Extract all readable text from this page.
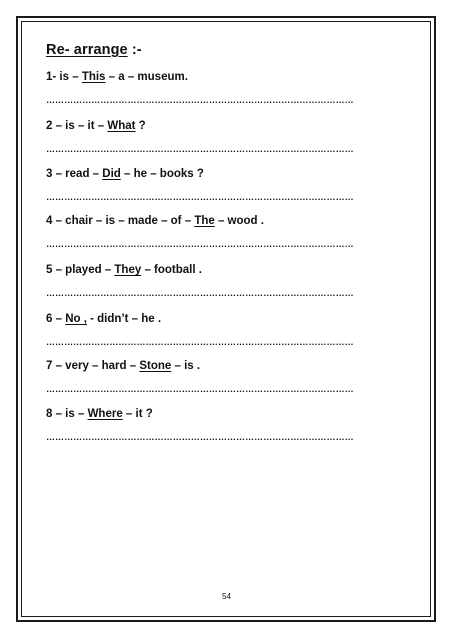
Re- arrange :-
1- is – This – a – museum.
…………………………………………………………………………………………
2 – is – it – What ?
…………………………………………………………………………………………
3 – read – Did – he – books ?
…………………………………………………………………………………………
4 – chair – is – made – of – The – wood .
…………………………………………………………………………………………
5 – played – They – football .
…………………………………………………………………………………………
6 – No , - didn’t – he .
…………………………………………………………………………………………
7 – very – hard – Stone – is .
…………………………………………………………………………………………
8 – is – Where – it ?
…………………………………………………………………………………………
54
